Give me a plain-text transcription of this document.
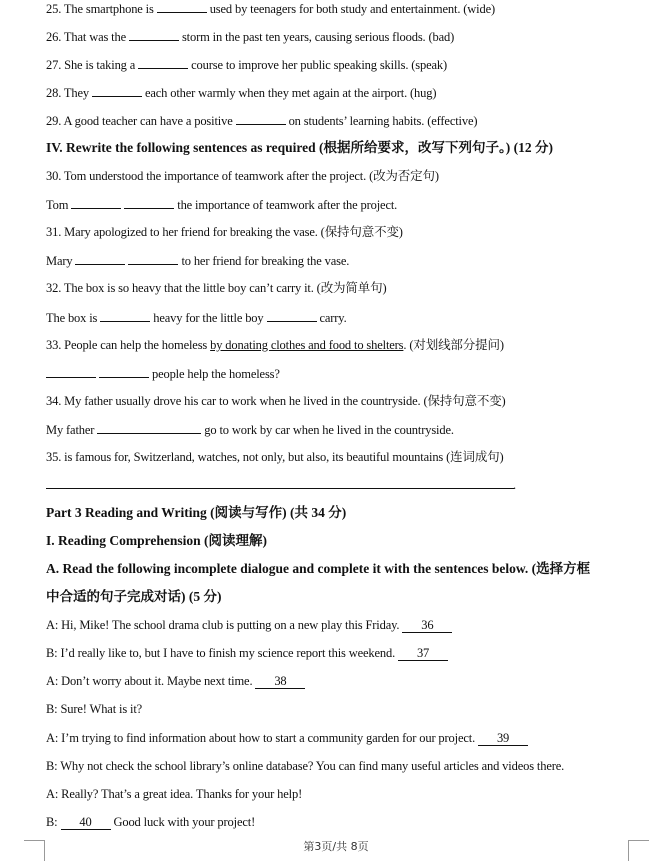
25. The smartphone is	used by teenagers for both study and entertainment. (wide)
26. That was the	storm in the past ten years, causing serious floods. (bad)
27. She is taking a	course to improve her public speaking skills. (speak)
28. They	each other warmly when they met again at the airport. (hug)
29. A good teacher can have a positive	on students’ learning habits. (effective)
IV. Rewrite the following sentences as required (根据所给要求，改写下列句子。) (12 分)
30. Tom understood the importance of teamwork after the project. (改为否定句)
Tom	the importance of teamwork after the project.
31. Mary apologized to her friend for breaking the vase. (保持句意不变)
Mary	to her friend for breaking the vase.
32. The box is so heavy that the little boy can’t carry it. (改为简单句)
The box is	heavy for the little boy	carry.
33. People can help the homeless by donating clothes and food to shelters. (对划线部分提问)
people help the homeless?
34. My father usually drove his car to work when he lived in the countryside. (保持句意不变)
My father	go to work by car when he lived in the countryside.
35. is famous for, Switzerland, watches, not only, but also, its beautiful mountains (连词成句)
.
Part 3 Reading and Writing (阅读与写作) (共 34 分)
I. Reading Comprehension (阅读理解)
A. Read the following incomplete dialogue and complete it with the sentences below. (选择方框
中合适的句子完成对话) (5 分)
A: Hi, Mike! The school drama club is putting on a new play this Friday. 36
B: I’d really like to, but I have to finish my science report this weekend. 37
A: Don’t worry about it. Maybe next time. 38
B: Sure! What is it?
A: I’m trying to find information about how to start a community garden for our project. 39
B: Why not check the school library’s online database? You can find many useful articles and videos there.
A: Really? That’s a great idea. Thanks for your help!
B: 40 Good luck with your project!
第3页/共 8页
